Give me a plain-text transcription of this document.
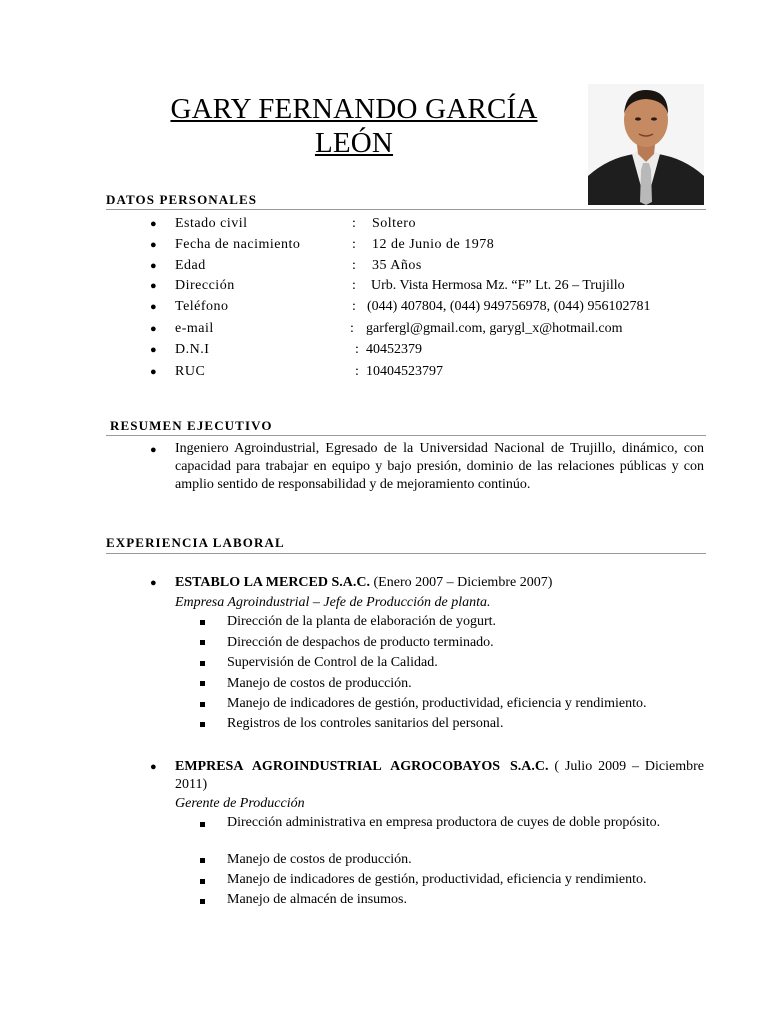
GARY FERNANDO GARCÍA
LEÓN
DATOS PERSONALES
● Estado civil	: Soltero
● Fecha de nacimiento	: 12 de Junio de 1978
● Edad	: 35 Años
● Dirección	: Urb. Vista Hermosa Mz. “F” Lt. 26 – Trujillo
● Teléfono	: (044) 407804, (044) 949756978, (044) 956102781
● e-mail	: garfergl@gmail.com, garygl_x@hotmail.com
● D.N.I	: 40452379
● RUC	: 10404523797
RESUMEN EJECUTIVO
● Ingeniero Agroindustrial, Egresado de la Universidad Nacional de Trujillo, dinámico, con capacidad para trabajar en equipo y bajo presión, dominio de las relaciones públicas y con amplio sentido de responsabilidad y de mejoramiento continúo.
EXPERIENCIA LABORAL
● ESTABLO LA MERCED S.A.C. (Enero 2007 – Diciembre 2007)
Empresa Agroindustrial – Jefe de Producción de planta.
Dirección de la planta de elaboración de yogurt.
Dirección de despachos de producto terminado.
Supervisión de Control de la Calidad.
Manejo de costos de producción.
Manejo de indicadores de gestión, productividad, eficiencia y rendimiento.
Registros de los controles sanitarios del personal.
● EMPRESA AGROINDUSTRIAL AGROCOBAYOS S.A.C. ( Julio 2009 – Diciembre 2011)
Gerente de Producción
Dirección administrativa en empresa productora de cuyes de doble propósito.
Manejo de costos de producción.
Manejo de indicadores de gestión, productividad, eficiencia y rendimiento.
Manejo de almacén de insumos.
